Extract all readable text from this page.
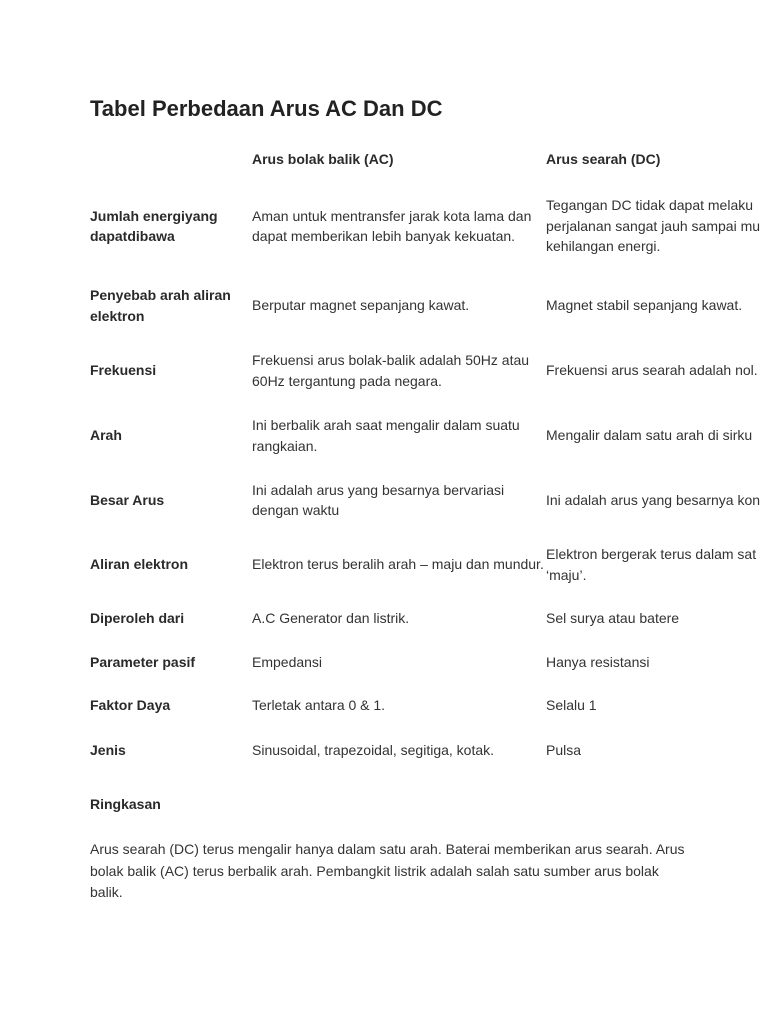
Tabel Perbedaan Arus AC Dan DC
	Arus bolak balik (AC)	Arus searah (DC)
Jumlah energiyang dapatdibawa	Aman untuk mentransfer jarak kota lama dan dapat memberikan lebih banyak kekuatan.	Tegangan DC tidak dapat melaku
perjalanan sangat jauh sampai mu
kehilangan energi.
Penyebab arah aliran elektron	Berputar magnet sepanjang kawat.	Magnet stabil sepanjang kawat.
Frekuensi	Frekuensi arus bolak-balik adalah 50Hz atau 60Hz tergantung pada negara.	Frekuensi arus searah adalah nol.
Arah	Ini berbalik arah saat mengalir dalam suatu rangkaian.	Mengalir dalam satu arah di sirku
Besar Arus	Ini adalah arus yang besarnya bervariasi dengan waktu	Ini adalah arus yang besarnya kon
Aliran elektron	Elektron terus beralih arah – maju dan mundur.	Elektron bergerak terus dalam sat
‘maju’.
Diperoleh dari	A.C Generator dan listrik.	Sel surya atau batere
Parameter pasif	Empedansi	Hanya resistansi
Faktor Daya	Terletak antara 0 & 1.	Selalu 1
Jenis	Sinusoidal, trapezoidal, segitiga, kotak.	Pulsa
Ringkasan

Arus searah (DC) terus mengalir hanya dalam satu arah. Baterai memberikan arus searah. Arus bolak balik (AC) terus berbalik arah. Pembangkit listrik adalah salah satu sumber arus bolak balik.
